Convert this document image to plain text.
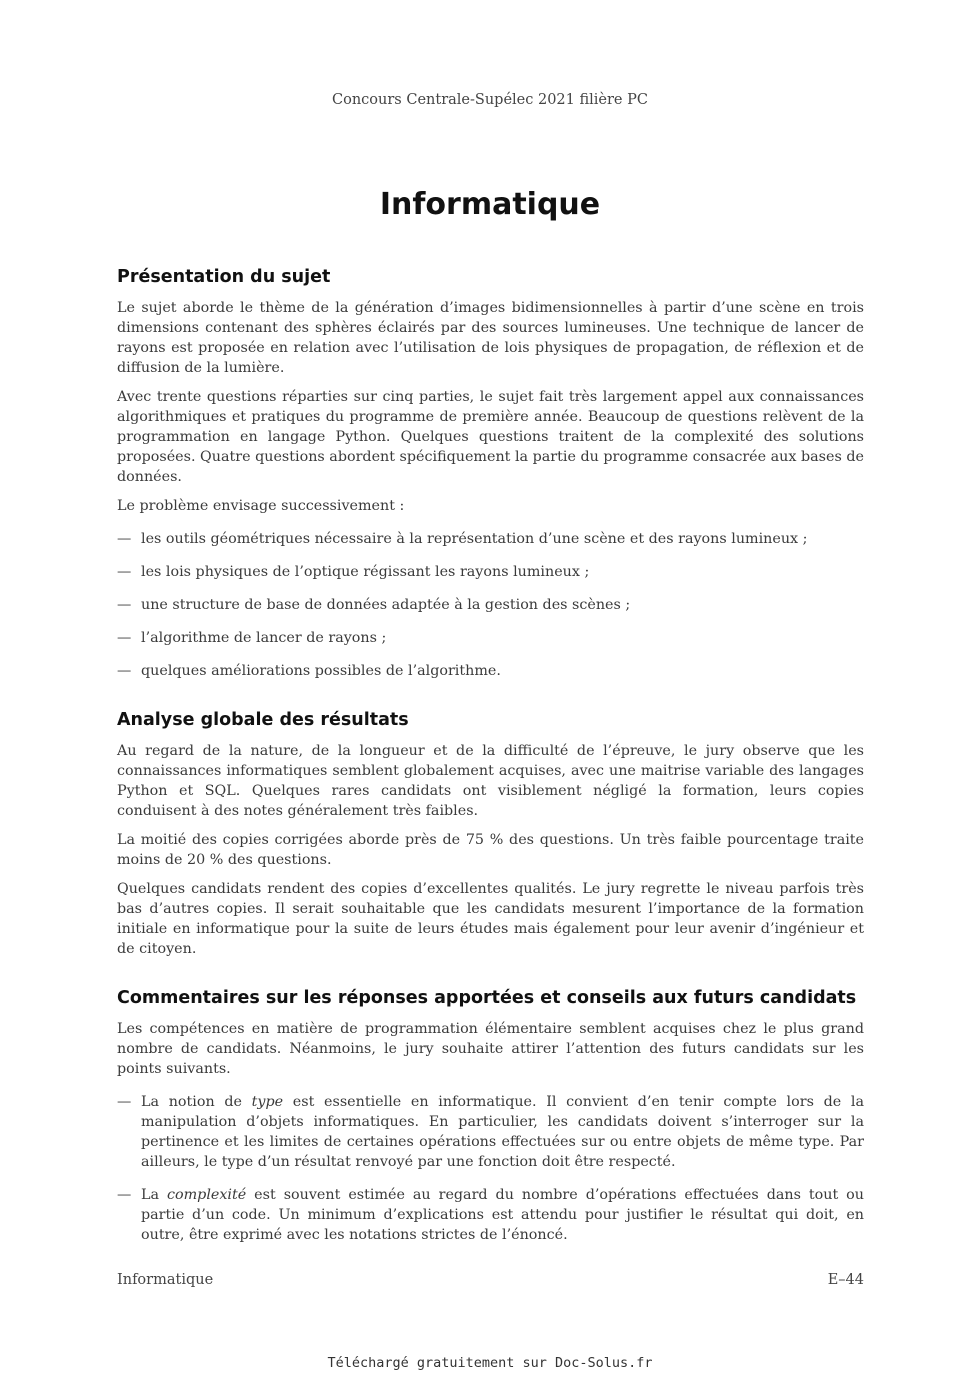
Concours Centrale-Supélec 2021 filière PC
Informatique
Présentation du sujet

Le sujet aborde le thème de la génération d’images bidimensionnelles à partir d’une scène en trois dimensions contenant des sphères éclairés par des sources lumineuses. Une technique de lancer de rayons est proposée en relation avec l’utilisation de lois physiques de propagation, de réflexion et de diffusion de la lumière.

Avec trente questions réparties sur cinq parties, le sujet fait très largement appel aux connaissances algorithmiques et pratiques du programme de première année. Beaucoup de questions relèvent de la programmation en langage Python. Quelques questions traitent de la complexité des solutions proposées. Quatre questions abordent spécifiquement la partie du programme consacrée aux bases de données.

Le problème envisage successivement :

— les outils géométriques nécessaire à la représentation d’une scène et des rayons lumineux ;
— les lois physiques de l’optique régissant les rayons lumineux ;
— une structure de base de données adaptée à la gestion des scènes ;
— l’algorithme de lancer de rayons ;
— quelques améliorations possibles de l’algorithme.
Analyse globale des résultats

Au regard de la nature, de la longueur et de la difficulté de l’épreuve, le jury observe que les connaissances informatiques semblent globalement acquises, avec une maitrise variable des langages Python et SQL. Quelques rares candidats ont visiblement négligé la formation, leurs copies conduisent à des notes généralement très faibles.

La moitié des copies corrigées aborde près de 75 % des questions. Un très faible pourcentage traite moins de 20 % des questions.

Quelques candidats rendent des copies d’excellentes qualités. Le jury regrette le niveau parfois très bas d’autres copies. Il serait souhaitable que les candidats mesurent l’importance de la formation initiale en informatique pour la suite de leurs études mais également pour leur avenir d’ingénieur et de citoyen.

Commentaires sur les réponses apportées et conseils aux futurs candidats

Les compétences en matière de programmation élémentaire semblent acquises chez le plus grand nombre de candidats. Néanmoins, le jury souhaite attirer l’attention des futurs candidats sur les points suivants.

— La notion de type est essentielle en informatique. Il convient d’en tenir compte lors de la manipulation d’objets informatiques. En particulier, les candidats doivent s’interroger sur la pertinence et les limites de certaines opérations effectuées sur ou entre objets de même type. Par ailleurs, le type d’un résultat renvoyé par une fonction doit être respecté.
— La complexité est souvent estimée au regard du nombre d’opérations effectuées dans tout ou partie d’un code. Un minimum d’explications est attendu pour justifier le résultat qui doit, en outre, être exprimé avec les notations strictes de l’énoncé.
Informatique	E–44
Téléchargé gratuitement sur Doc-Solus.fr
